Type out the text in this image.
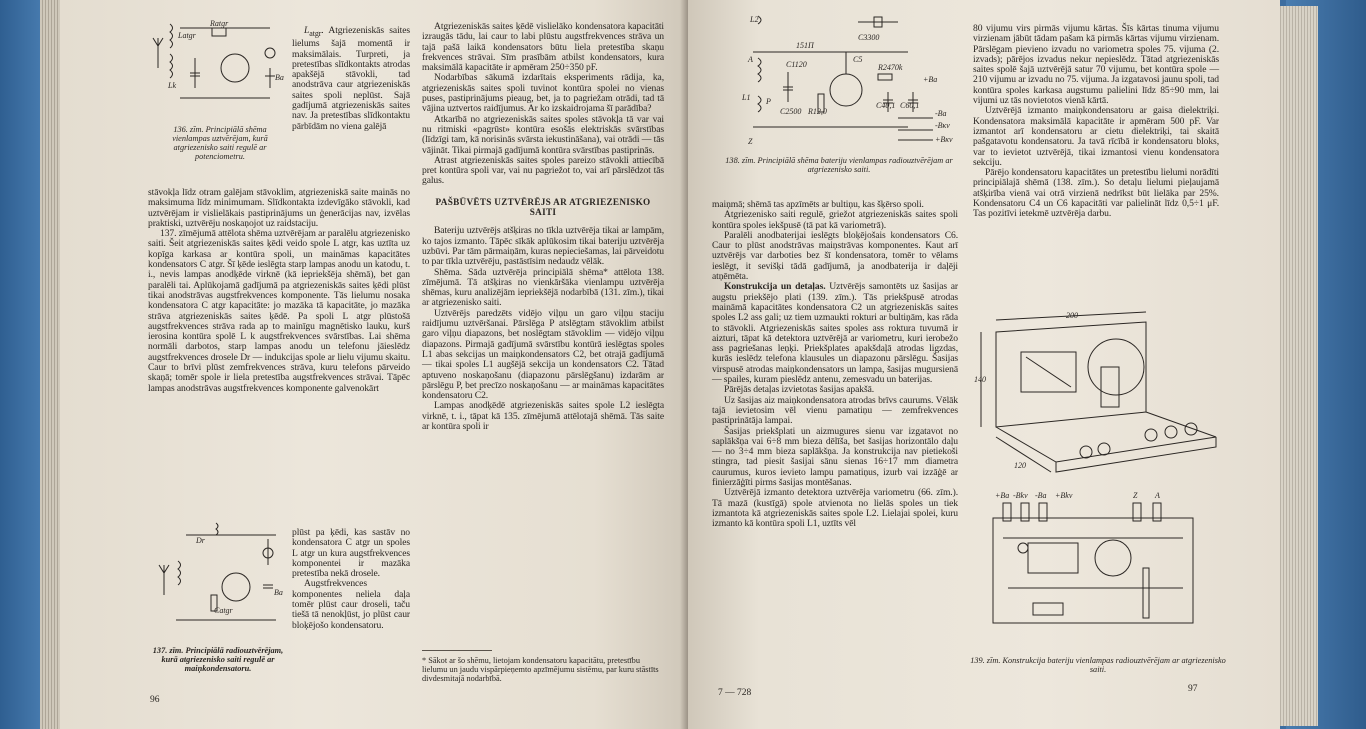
Latgr
Ratgr
Lk
Ba
136. zīm. Principiālā shēma vienlampas uztvērējam, kurā atgriezenisko saiti regulē ar potenciometru.

$L_{atgr}$. Atgriezeniskās saites lielums šajā momentā ir maksimālais. Turpreti, ja pretestības slīdkontakts atrodas apakšējā stāvokli, tad anodstrāva caur atgriezeniskās saites spoli neplūst. Sajā gadījumā atgriezeniskās saites nav. Ja pretestības slīdkontaktu pārbīdām no viena galējā

stāvokļa līdz otram galējam stāvoklim, atgriezeniskā saite mainās no maksimuma līdz minimumam. Slīdkontakta izdevīgāko stāvokli, kad uztvērējam ir vislielākais pastiprinājums un ģenerācijas nav, izvēlas praktiski, uztvērēju noskaņojot uz raidstaciju.

137. zīmējumā attēlota shēma uztvērējam ar paralēlu atgriezenisko saiti. Šeit atgriezeniskās saites ķēdi veido spole L atgr, kas uztīta uz kopīga karkasa ar kontūra spoli, un maināmas kapacitātes kondensators C atgr. Šī ķēde ieslēgta starp lampas anodu un katodu, t. i., nevis lampas anodķēde virknē (kā iepriekšēja shēmā), bet gan paralēli tai. Aplūkojamā gadījumā pa atgriezeniskās saites ķēdi plūst tikai anodstrāvas augstfrekvences komponente. Tās lielumu nosaka kondensatora C atgr kapacitāte: jo mazāka tā kapacitāte, jo mazāka strāva atgriezeniskās saites ķēdē. Pa spoli L atgr plūstošā augstfrekvences strāva rada ap to mainīgu magnētisko lauku, kurš ierosina kontūra spolē L k augstfrekvences svārstības. Lai shēma normāli darbotos, starp lampas anodu un telefonu jāieslēdz augstfrekvences drosele Dr — indukcijas spole ar lielu vijumu skaitu. Caur to brīvi plūst zemfrekvences strāva, kuru telefons pārveido skaņā; tomēr spole ir liela pretestība augstfrekvences strāvai. Tāpēc lampas anodstrāvas augstfrekvences komponente galvenokārt

Dr
Catgr
Ba
137. zīm. Principiālā radiouztvērējam, kurā atgriezenisko saiti regulē ar maiņkondensatoru.

plūst pa ķēdi, kas sastāv no kondensatora C atgr un spoles L atgr un kura augstfrekvences komponentei ir mazāka pretestība nekā drosele.

Augstfrekvences komponentes neliela daļa tomēr plūst caur droseli, taču tiešā tā nenokļūst, jo plūst caur bloķējošo kondensatoru.

Atgriezeniskās saites ķēdē vislielāko kondensatora kapacitāti izraugās tādu, lai caur to labi plūstu augstfrekvences strāva un tajā pašā laikā kondensators būtu liela pretestība skaņu frekvences strāvai. Sīm prasībām atbilst kondensators, kura maksimālā kapacitāte ir apmēram 250÷350 pF.

Nodarbības sākumā izdarītais eksperiments rādija, ka, atgriezeniskās saites spoli tuvinot kontūra spolei no vienas puses, pastiprinājums pieaug, bet, ja to pagriežam otrādi, tad tā vājina uztvertos raidījumus. Ar ko izskaidrojama šī parādība?

Atkarībā no atgriezeniskās saites spoles stāvokļa tā var vai nu ritmiski «pagrūst» kontūra esošās elektriskās svārstības (līdzīgi tam, kā norisinās svārsta iekustināšana), vai otrādi — tās vājināt. Tikai pirmajā gadījumā kontūra svārstības pastiprinās.

Atrast atgriezeniskās saites spoles pareizo stāvokli attiecībā pret kontūra spoli var, vai nu pagriežot to, vai arī pārslēdzot tās galus.

PAŠBŪVĒTS UZTVĒRĒJS AR ATGRIEZENISKO SAITI

Bateriju uztvērējs atšķiras no tīkla uztvērēja tikai ar lampām, ko tajos izmanto. Tāpēc sīkāk aplūkosim tikai bateriju uztvērēja uzbūvi. Par tām pārmaiņām, kuras nepieciešamas, lai pārveidotu to par tīkla uztvērēju, pastāstīsim nedaudz vēlāk.

Shēma. Sāda uztvērēja principiālā shēma* attēlota 138. zīmējumā. Tā atšķiras no vienkāršāka vienlampu uztvērēja shēmas, kuru analizējām iepriekšējā nodarbībā (131. zīm.), tikai ar atgriezenisko saiti.

Uztvērējs paredzēts vidējo viļņu un garo viļņu staciju raidījumu uztvēršanai. Pārslēga P atslēgtam stāvoklim atbilst garo viļņu diapazons, bet noslēgtam stāvoklim — vidējo viļņu diapazons. Pirmajā gadījumā svārstību kontūrā ieslēgtas spoles L1 abas sekcijas un maiņkondensators C2, bet otrajā gadījumā — tikai spoles L1 augšējā sekcija un kondensators C2. Tātad aptuveno noskaņošanu (diapazonu pārslēgšanu) izdarām ar pārslēgu P, bet precīzo noskaņošanu — ar maināmas kapacitātes kondensatoru C2.

Lampas anodķēdē atgriezeniskās saites spole L2 ieslēgta virknē, t. i., tāpat kā 135. zīmējumā attēlotajā shēmā. Tās saite ar kontūra spoli ir

* Sākot ar šo shēmu, lietojam kondensatoru kapacitātu, pretestību lielumu un jaudu vispārpieņemto apzīmējumu sistēmu, par kuru stāstīts divdesmitajā nodarbībā.
96
L2
151П
C3300
C1120
C5
R2470k
C40,1 C60,1
+Ba
-Ba
-Bкv
+Bкv
C2500 R12,0
L1 P
A
Z
138. zīm. Principiālā shēma bateriju vienlampas radiouztvērējam ar atgriezenisko saiti.

maiņmā; shēmā tas apzīmēts ar bultiņu, kas šķērso spoli.

Atgriezenisko saiti regulē, griežot atgriezeniskās saites spoli kontūra spoles iekšpusē (tā pat kā variometrā).

Paralēli anodbaterijai ieslēgts bloķējošais kondensators C6. Caur to plūst anodstrāvas maiņstrāvas komponentes. Kaut arī uztvērējs var darboties bez šī kondensatora, tomēr to vēlams ieslēgt, it sevišķi tādā gadījumā, ja anodbaterija ir daļēji atņēmēta.

Konstrukcija un detaļas. Uztvērējs samontēts uz šasijas ar augstu priekšējo plati (139. zīm.). Tās priekšpusē atrodas maināmā kapacitātes kondensatora C2 un atgriezeniskās saites spoles L2 ass gali; uz tiem uzmaukti rokturi ar bultiņām, kas rāda to stāvokli. Atgriezeniskās saites spoles ass roktura tuvumā ir aizturi, tāpat kā detektora uztvērējā ar variometru, kuri ierobežo ass pagriešanas leņķi. Priekšplates apakšdaļā atrodas ligzdas, kurās ieslēdz telefona klausules un diapazonu pārslēgu. Šasijas virspusē atrodas maiņkondensators un lampa, šasijas mugursienā — spailes, kuram pieslēdz antenu, zemesvadu un baterijas.

Pārējās detaļas izvietotas šasijas apakšā.

Uz šasijas aiz maiņkondensatora atrodas brīvs caurums. Vēlāk tajā ievietosim vēl vienu pamatiņu — zemfrekvences pastiprinātāja lampai.

Šasijas priekšplati un aizmugures sienu var izgatavot no saplākšņa vai 6÷8 mm bieza dēlīša, bet šasijas horizontālo daļu — no 3÷4 mm bieza saplākšņa. Ja konstrukcija nav pietiekoši stingra, tad piesit šasijai sānu sienas 16÷17 mm diametra caurumus, kuros ievieto lampu pamatiņus, izurb vai izzāģē ar finierzāģīti pirms šasijas montēšanas.

Uztvērējā izmanto detektora uztvērēja variometru (66. zīm.). Tā mazā (kustīgā) spole atvienota no lielās spoles un tiek izmantota kā atgriezeniskās saites spole L2. Lielajai spolei, kuru izmanto kā kontūra spoli L1, uztīts vēl

80 vijumu virs pirmās vijumu kārtas. Šīs kārtas tinuma vijumu virzienam jābūt tādam pašam kā pirmās kārtas vijumu virzienam. Pārslēgam pievieno izvadu no variometra spoles 75. vijuma (2. izvads); pārējos izvadus nekur nepieslēdz. Tātad atgriezeniskās saites spolē šajā uztvērējā satur 70 vijumu, bet kontūra spole — 210 vijumu ar izvadu no 75. vijuma. Ja izgatavosi jaunu spoli, tad kontūra spoles karkasa augstumu palielini līdz 85÷90 mm, lai vijumi uz tās novietotos vienā kārtā.

Uztvērējā izmanto maiņkondensatoru ar gaisa dielektriķi. Kondensatora maksimālā kapacitāte ir apmēram 500 pF. Var izmantot arī kondensatoru ar cietu dielektriķi, tai skaitā pašgatavotu kondensatoru. Ja tavā rīcībā ir kondensatoru bloks, var to ievietot uztvērējā, tikai izmantosi vienu kondensatora sekciju.

Pārējo kondensatoru kapacitātes un pretestību lielumi norādīti principiālajā shēmā (138. zīm.). So detaļu lielumi pieļaujamā atšķirība vienā vai otrā virzienā nedrīkst būt lielāka par 25%. Kondensatoru C4 un C6 kapacitāti var palielināt līdz 0,5÷1 μF. Tas pozitīvi ietekmē uztvērēja darbu.

200
140
120
+Ba -Bkv -Ba +Bkv	Z A
139. zīm. Konstrukcija bateriju vienlampas radiouztvērējam ar atgriezenisko saiti.
7 — 728	97
